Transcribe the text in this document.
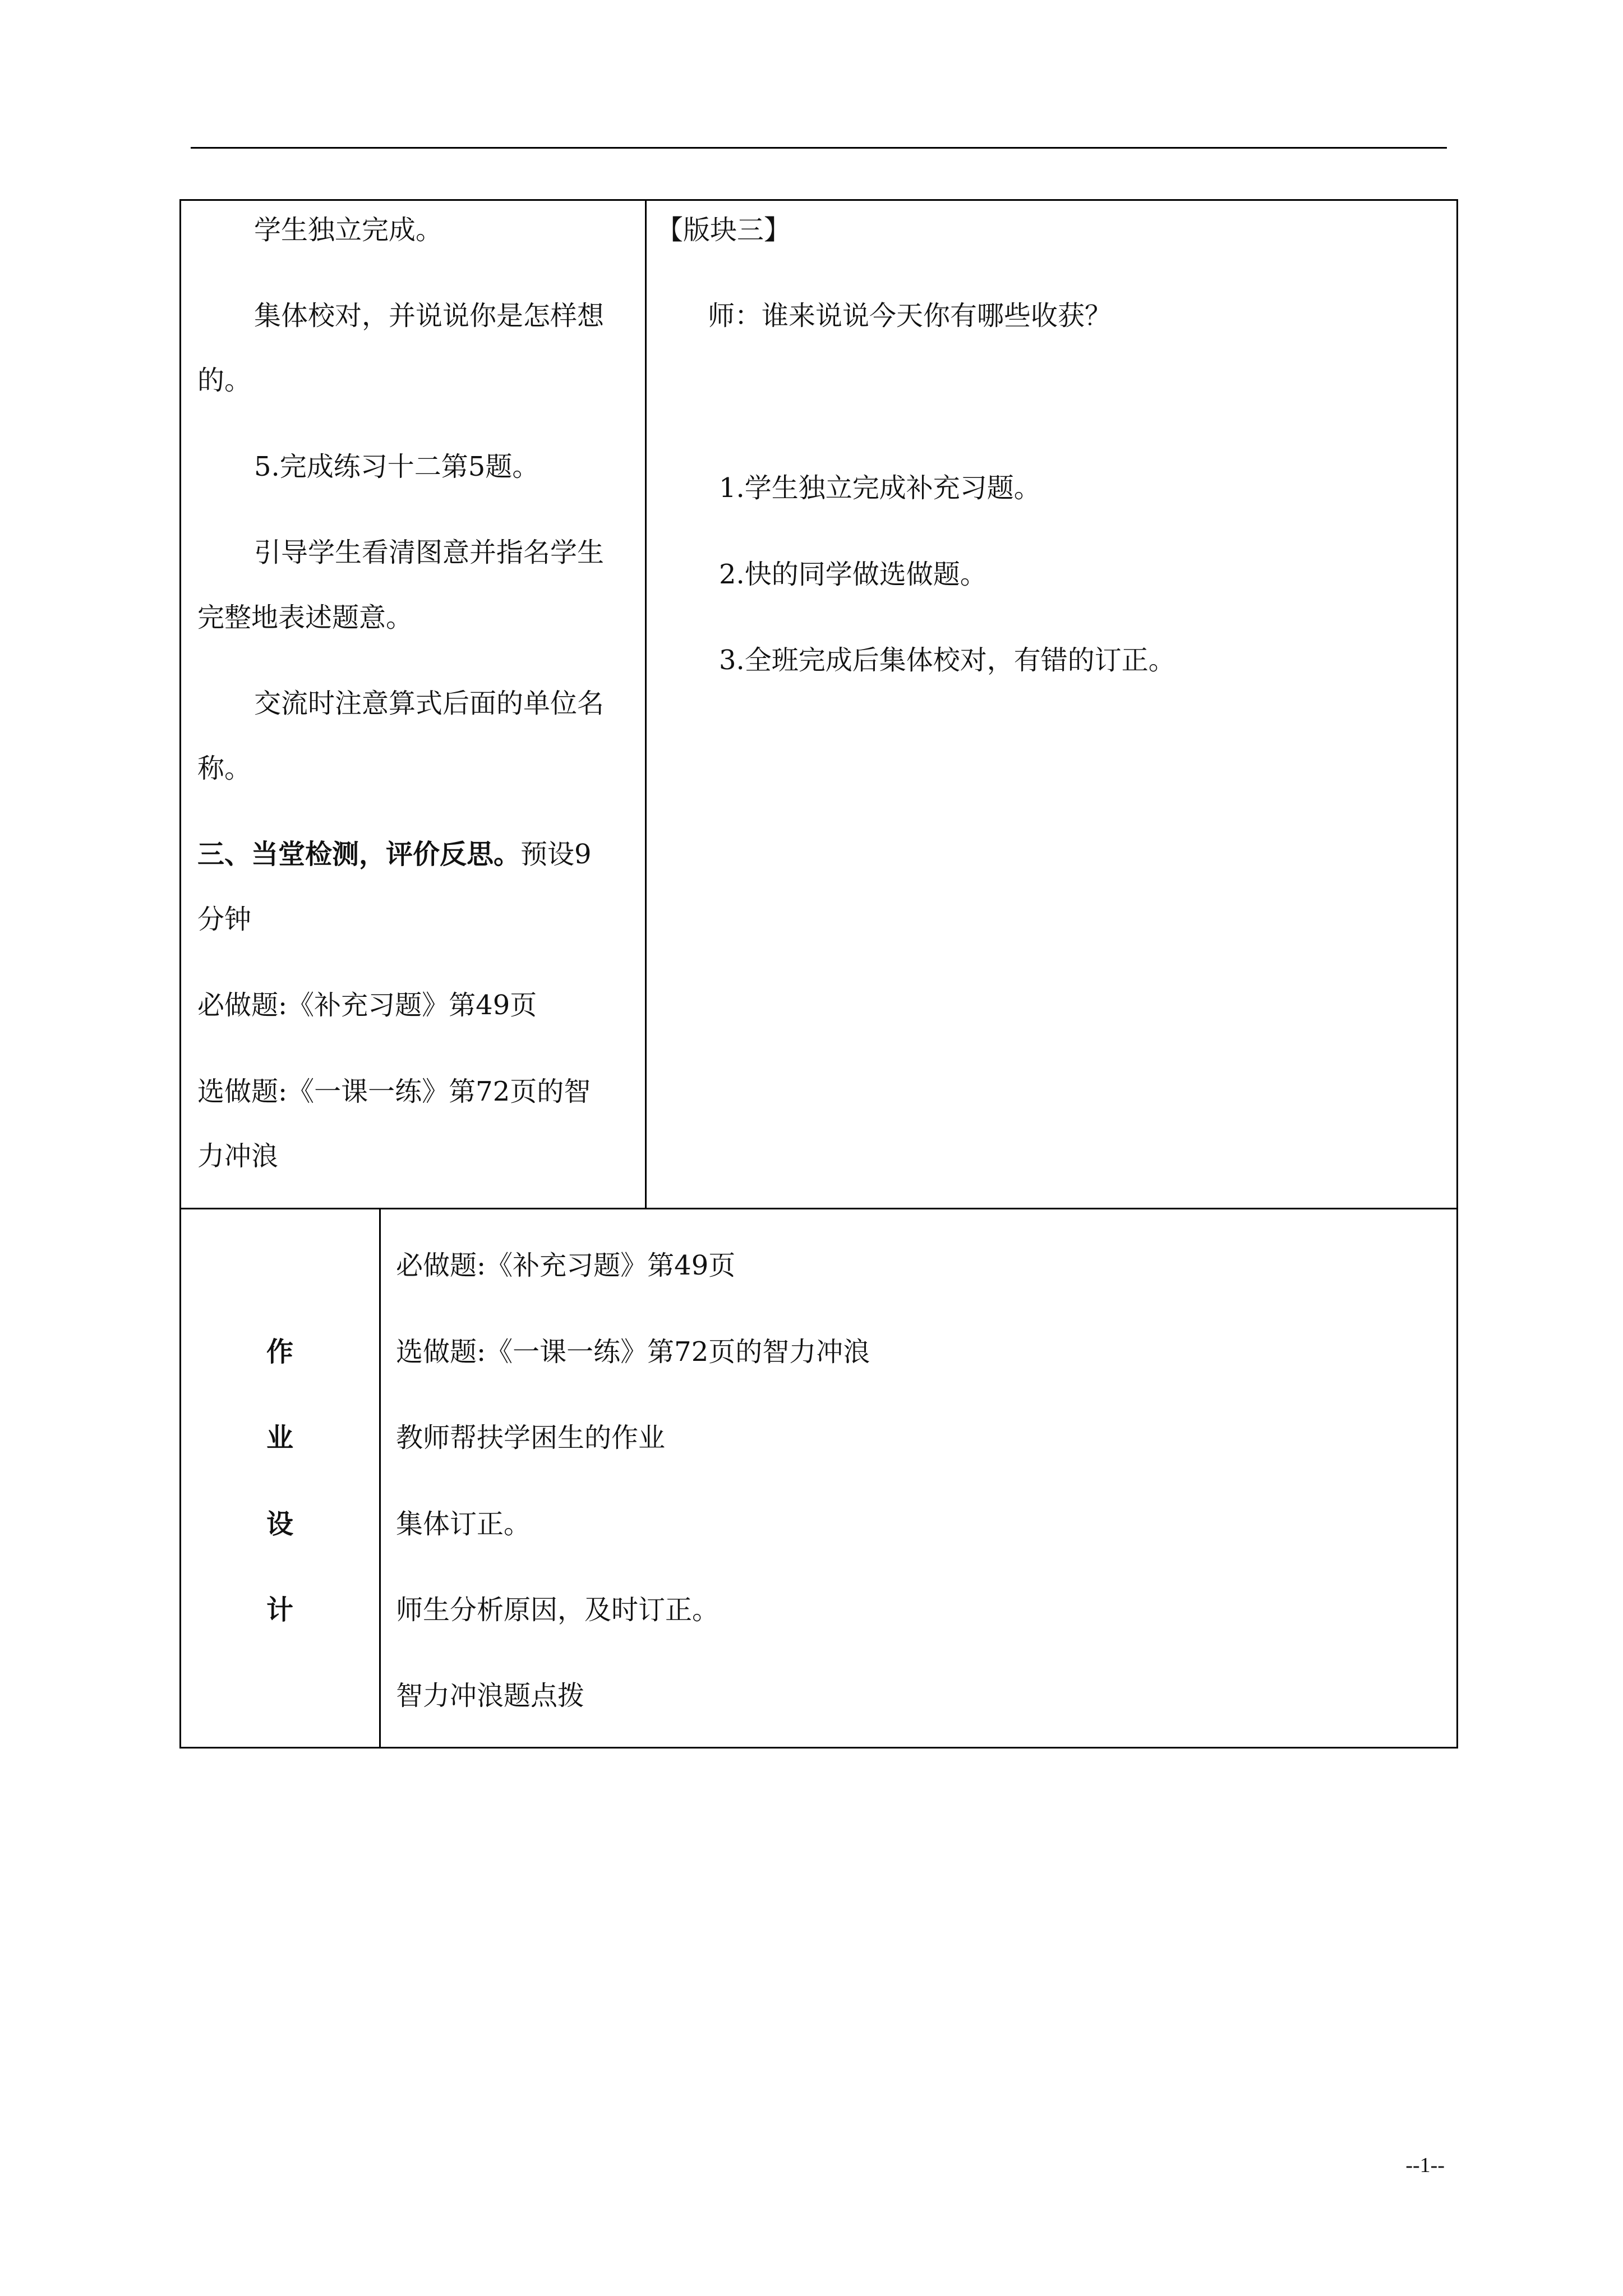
学生独立完成。
集体校对，并说说你是怎样想
的。
5.完成练习十二第5题。
引导学生看清图意并指名学生
完整地表述题意。
交流时注意算式后面的单位名
称。
三、当堂检测，评价反思。预设9
分钟
必做题:《补充习题》第49页
选做题:《一课一练》第72页的智
力冲浪
【版块三】
师：谁来说说今天你有哪些收获？
1.学生独立完成补充习题。
2.快的同学做选做题。
3.全班完成后集体校对，有错的订正。
作
业
设
计
必做题:《补充习题》第49页
选做题:《一课一练》第72页的智力冲浪
教师帮扶学困生的作业
集体订正。
师生分析原因，及时订正。
智力冲浪题点拨
--1--
